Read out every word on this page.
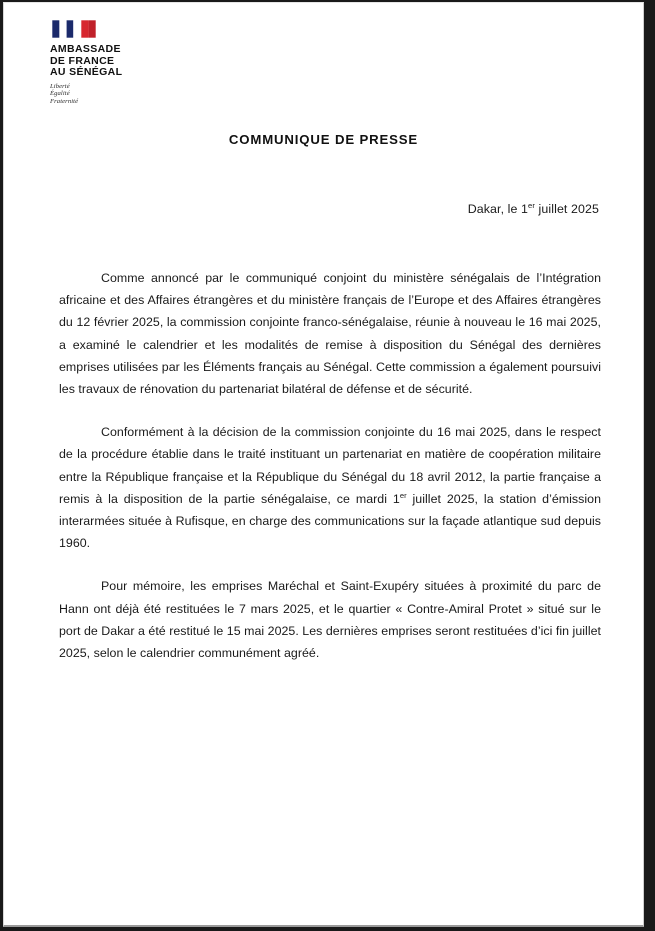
AMBASSADE
DE FRANCE
AU SÉNÉGAL
Liberté
Égalité
Fraternité
COMMUNIQUE DE PRESSE
Dakar, le 1er juillet 2025

Comme annoncé par le communiqué conjoint du ministère sénégalais de l’Intégration africaine et des Affaires étrangères et du ministère français de l’Europe et des Affaires étrangères du 12 février 2025, la commission conjointe franco-sénégalaise, réunie à nouveau le 16 mai 2025, a examiné le calendrier et les modalités de remise à disposition du Sénégal des dernières emprises utilisées par les Éléments français au Sénégal. Cette commission a également poursuivi les travaux de rénovation du partenariat bilatéral de défense et de sécurité.

Conformément à la décision de la commission conjointe du 16 mai 2025, dans le respect de la procédure établie dans le traité instituant un partenariat en matière de coopération militaire entre la République française et la République du Sénégal du 18 avril 2012, la partie française a remis à la disposition de la partie sénégalaise, ce mardi 1er juillet 2025, la station d’émission interarmées située à Rufisque, en charge des communications sur la façade atlantique sud depuis 1960.

Pour mémoire, les emprises Maréchal et Saint-Exupéry situées à proximité du parc de Hann ont déjà été restituées le 7 mars 2025, et le quartier « Contre-Amiral Protet » situé sur le port de Dakar a été restitué le 15 mai 2025. Les dernières emprises seront restituées d’ici fin juillet 2025, selon le calendrier communément agréé.
